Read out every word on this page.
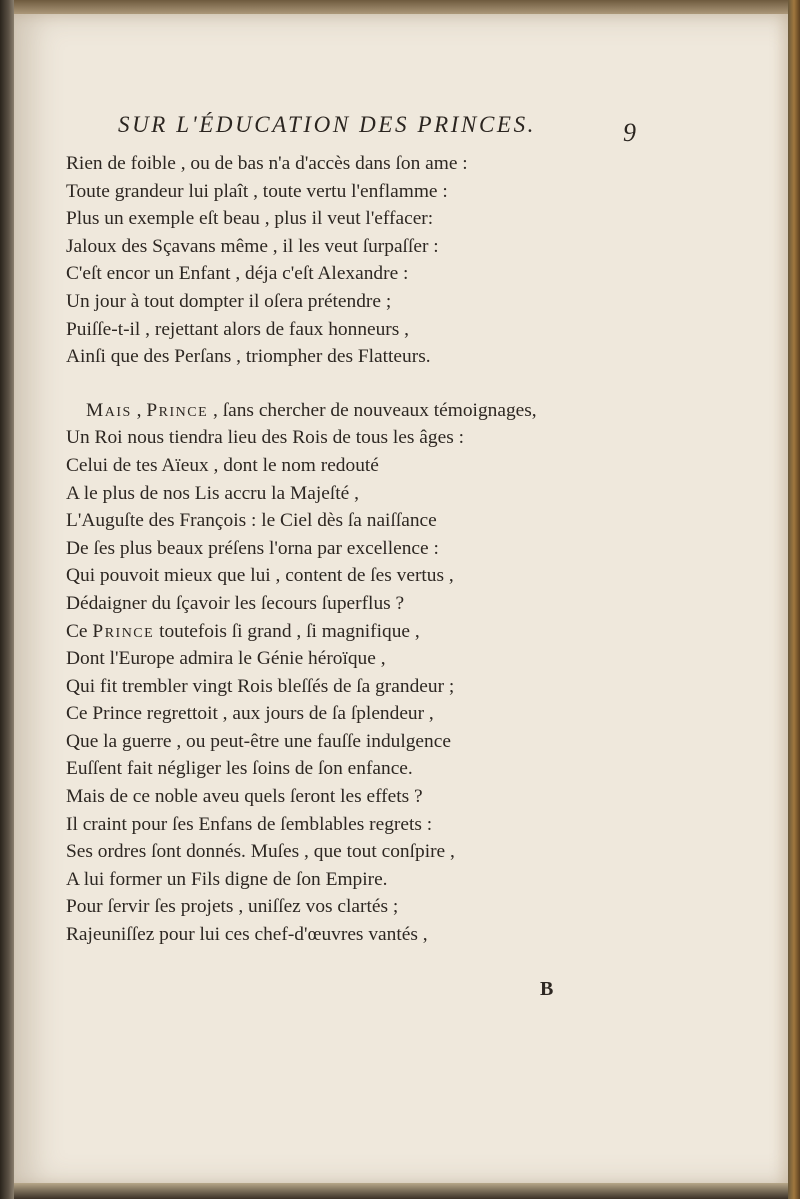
SUR L'ÉDUCATION DES PRINCES.	9
Rien de foible , ou de bas n'a d'accès dans ſon ame :
Toute grandeur lui plaît , toute vertu l'enflamme :
Plus un exemple eſt beau , plus il veut l'effacer:
Jaloux des Sçavans même , il les veut ſurpaſſer :
C'eſt encor un Enfant , déja c'eſt Alexandre :
Un jour à tout dompter il oſera prétendre ;
Puiſſe-t-il , rejettant alors de faux honneurs ,
Ainſi que des Perſans , triompher des Flatteurs.
Mais , Prince , ſans chercher de nouveaux témoignages,
Un Roi nous tiendra lieu des Rois de tous les âges :
Celui de tes Aïeux , dont le nom redouté
A le plus de nos Lis accru la Majeſté ,
L'Auguſte des François : le Ciel dès ſa naiſſance
De ſes plus beaux préſens l'orna par excellence :
Qui pouvoit mieux que lui , content de ſes vertus ,
Dédaigner du ſçavoir les ſecours ſuperflus ?
Ce Prince toutefois ſi grand , ſi magnifique ,
Dont l'Europe admira le Génie héroïque ,
Qui fit trembler vingt Rois bleſſés de ſa grandeur ;
Ce Prince regrettoit , aux jours de ſa ſplendeur ,
Que la guerre , ou peut-être une fauſſe indulgence
Euſſent fait négliger les ſoins de ſon enfance.
Mais de ce noble aveu quels ſeront les effets ?
Il craint pour ſes Enfans de ſemblables regrets :
Ses ordres ſont donnés. Muſes , que tout conſpire ,
A lui former un Fils digne de ſon Empire.
Pour ſervir ſes projets , uniſſez vos clartés ;
Rajeuniſſez pour lui ces chef-d'œuvres vantés ,
B
